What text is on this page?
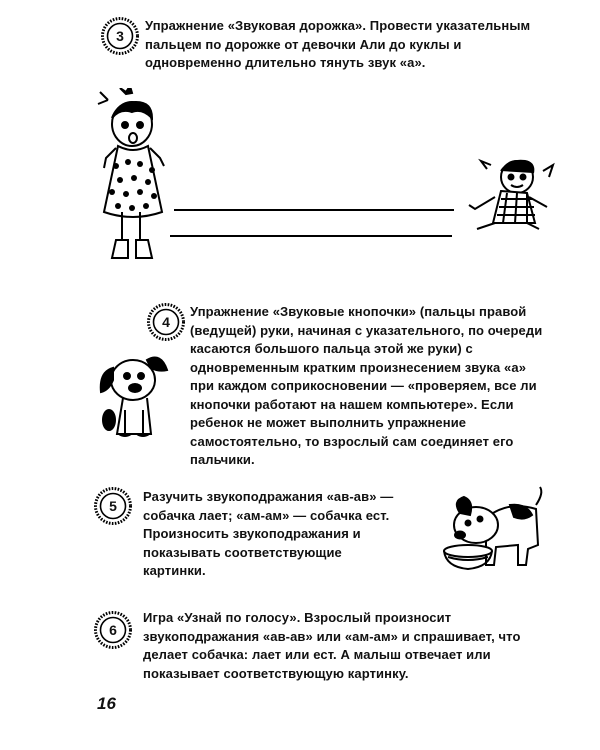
3
Упражнение «Звуковая дорожка». Провести указательным пальцем по дорожке от девочки Али до куклы и одновременно длительно тянуть звук «а».
4
Упражнение «Звуковые кнопочки» (пальцы правой (ведущей) руки, начиная с указательного, по очереди касаются большого пальца этой же руки) с одновременным кратким произнесением звука «а» при каждом соприкосновении — «проверяем, все ли кнопочки работают на нашем компьютере». Если ребенок не может выполнить упражнение самостоятельно, то взрослый сам соединяет его пальчики.
5
Разучить звукоподражания «ав-ав» — собачка лает; «ам-ам» — собачка ест. Произносить звукоподражания и показывать соответствующие картинки.
6
Игра «Узнай по голосу». Взрослый произносит звукоподражания «ав-ав» или «ам-ам» и спрашивает, что делает собачка: лает или ест. А малыш отвечает или показывает соответствующую картинку.
16
